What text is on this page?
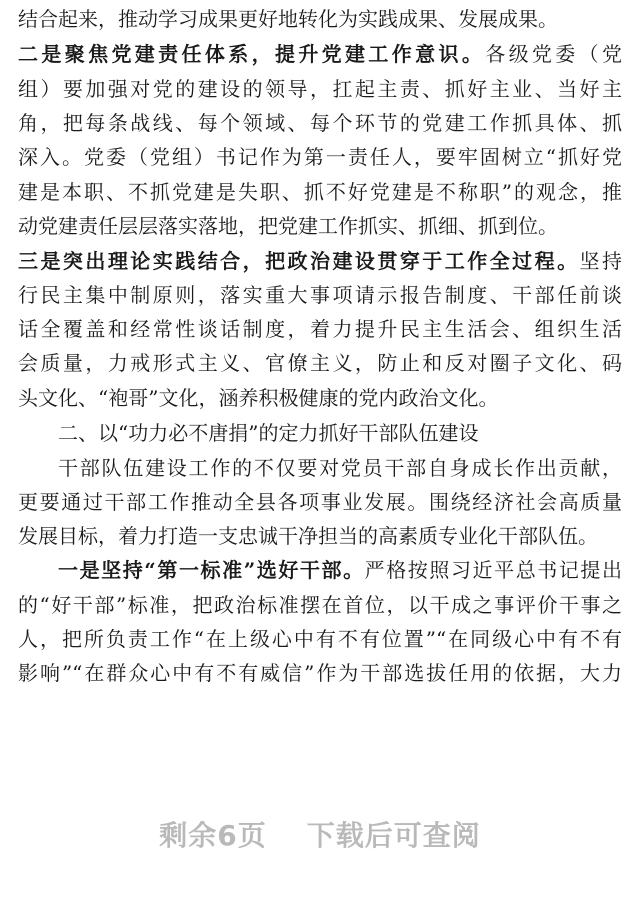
结合起来，推动学习成果更好地转化为实践成果、发展成果。
二是聚焦党建责任体系，提升党建工作意识。各级党委（党
组）要加强对党的建设的领导，扛起主责、抓好主业、当好主
角，把每条战线、每个领域、每个环节的党建工作抓具体、抓
深入。党委（党组）书记作为第一责任人，要牢固树立“抓好党
建是本职、不抓党建是失职、抓不好党建是不称职”的观念，推
动党建责任层层落实落地，把党建工作抓实、抓细、抓到位。
三是突出理论实践结合，把政治建设贯穿于工作全过程。坚持
行民主集中制原则，落实重大事项请示报告制度、干部任前谈
话全覆盖和经常性谈话制度，着力提升民主生活会、组织生活
会质量，力戒形式主义、官僚主义，防止和反对圈子文化、码
头文化、“袍哥”文化，涵养积极健康的党内政治文化。
二、以“功力必不唐捐”的定力抓好干部队伍建设
干部队伍建设工作的不仅要对党员干部自身成长作出贡献，
更要通过干部工作推动全县各项事业发展。围绕经济社会高质量
发展目标，着力打造一支忠诚干净担当的高素质专业化干部队伍。
一是坚持“第一标准”选好干部。严格按照习近平总书记提出
的“好干部”标准，把政治标准摆在首位，以干成之事评价干事之
人，把所负责工作“在上级心中有不有位置”“在同级心中有不有
影响”“在群众心中有不有威信”作为干部选拔任用的依据，大力
剩余6页 下载后可查阅
